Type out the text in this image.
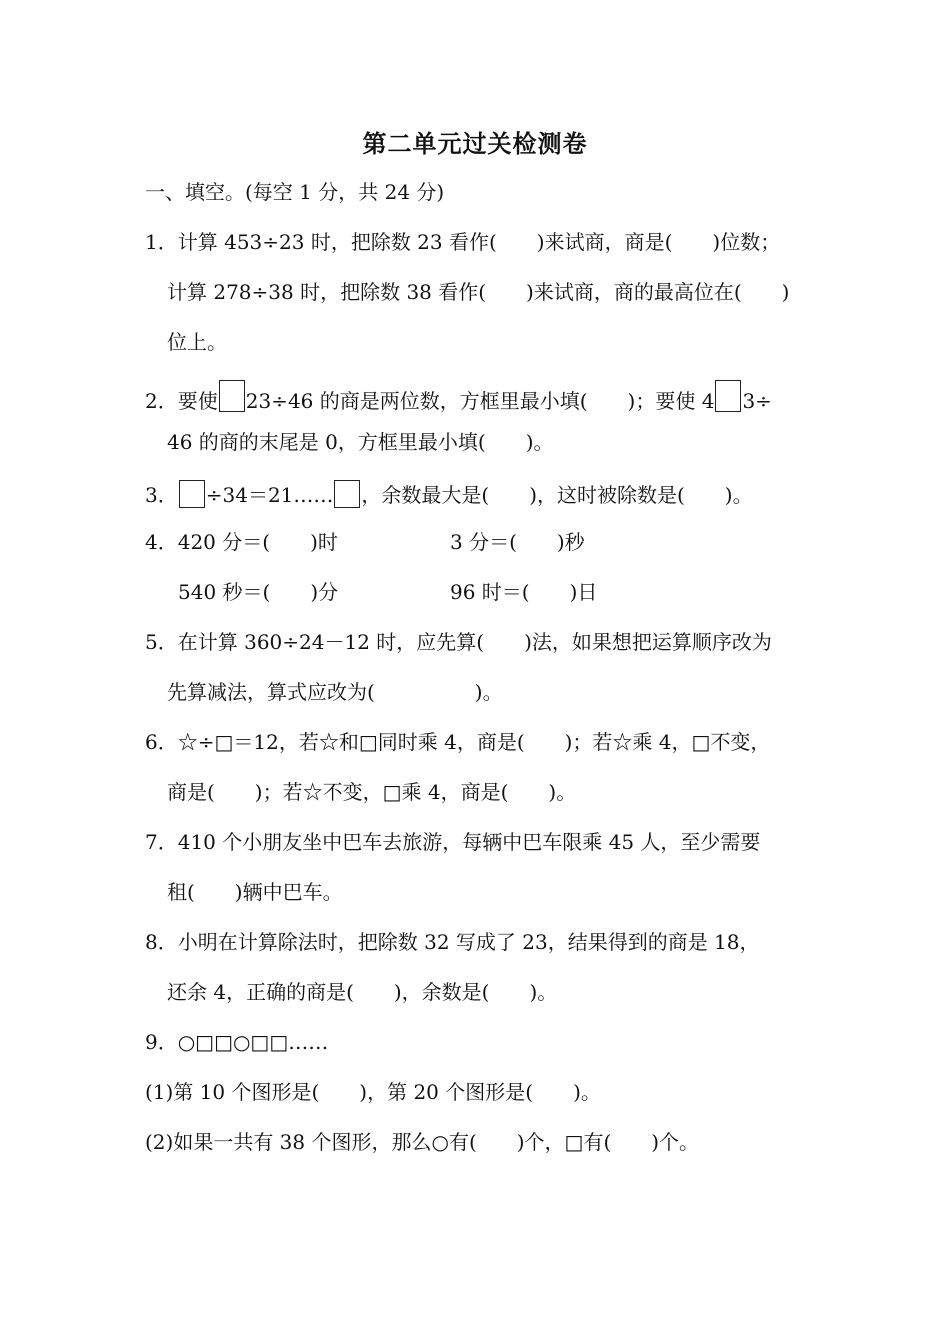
第二单元过关检测卷
一、填空。(每空 1 分，共 24 分)
1．计算 453÷23 时，把除数 23 看作(　　)来试商，商是(　　)位数；
计算 278÷38 时，把除数 38 看作(　　)来试商，商的最高位在(　　)
位上。
2．要使 23÷46 的商是两位数，方框里最小填(　　)；要使 4 3÷
46 的商的末尾是 0，方框里最小填(　　)。
3． ÷34＝21…… ，余数最大是(　　)，这时被除数是(　　)。
4．420 分＝(　　)时	3 分＝(　　)秒
540 秒＝(　　)分	96 时＝(　　)日
5．在计算 360÷24－12 时，应先算(　　)法，如果想把运算顺序改为
先算减法，算式应改为(　　　　　)。
6．☆÷□＝12，若☆和□同时乘 4，商是(　　)；若☆乘 4，□不变，
商是(　　)；若☆不变，□乘 4，商是(　　)。
7．410 个小朋友坐中巴车去旅游，每辆中巴车限乘 45 人，至少需要
租(　　)辆中巴车。
8．小明在计算除法时，把除数 32 写成了 23，结果得到的商是 18，
还余 4，正确的商是(　　)，余数是(　　)。
9．○□□○□□……
(1)第 10 个图形是(　　)，第 20 个图形是(　　)。
(2)如果一共有 38 个图形，那么○有(　　)个，□有(　　)个。
